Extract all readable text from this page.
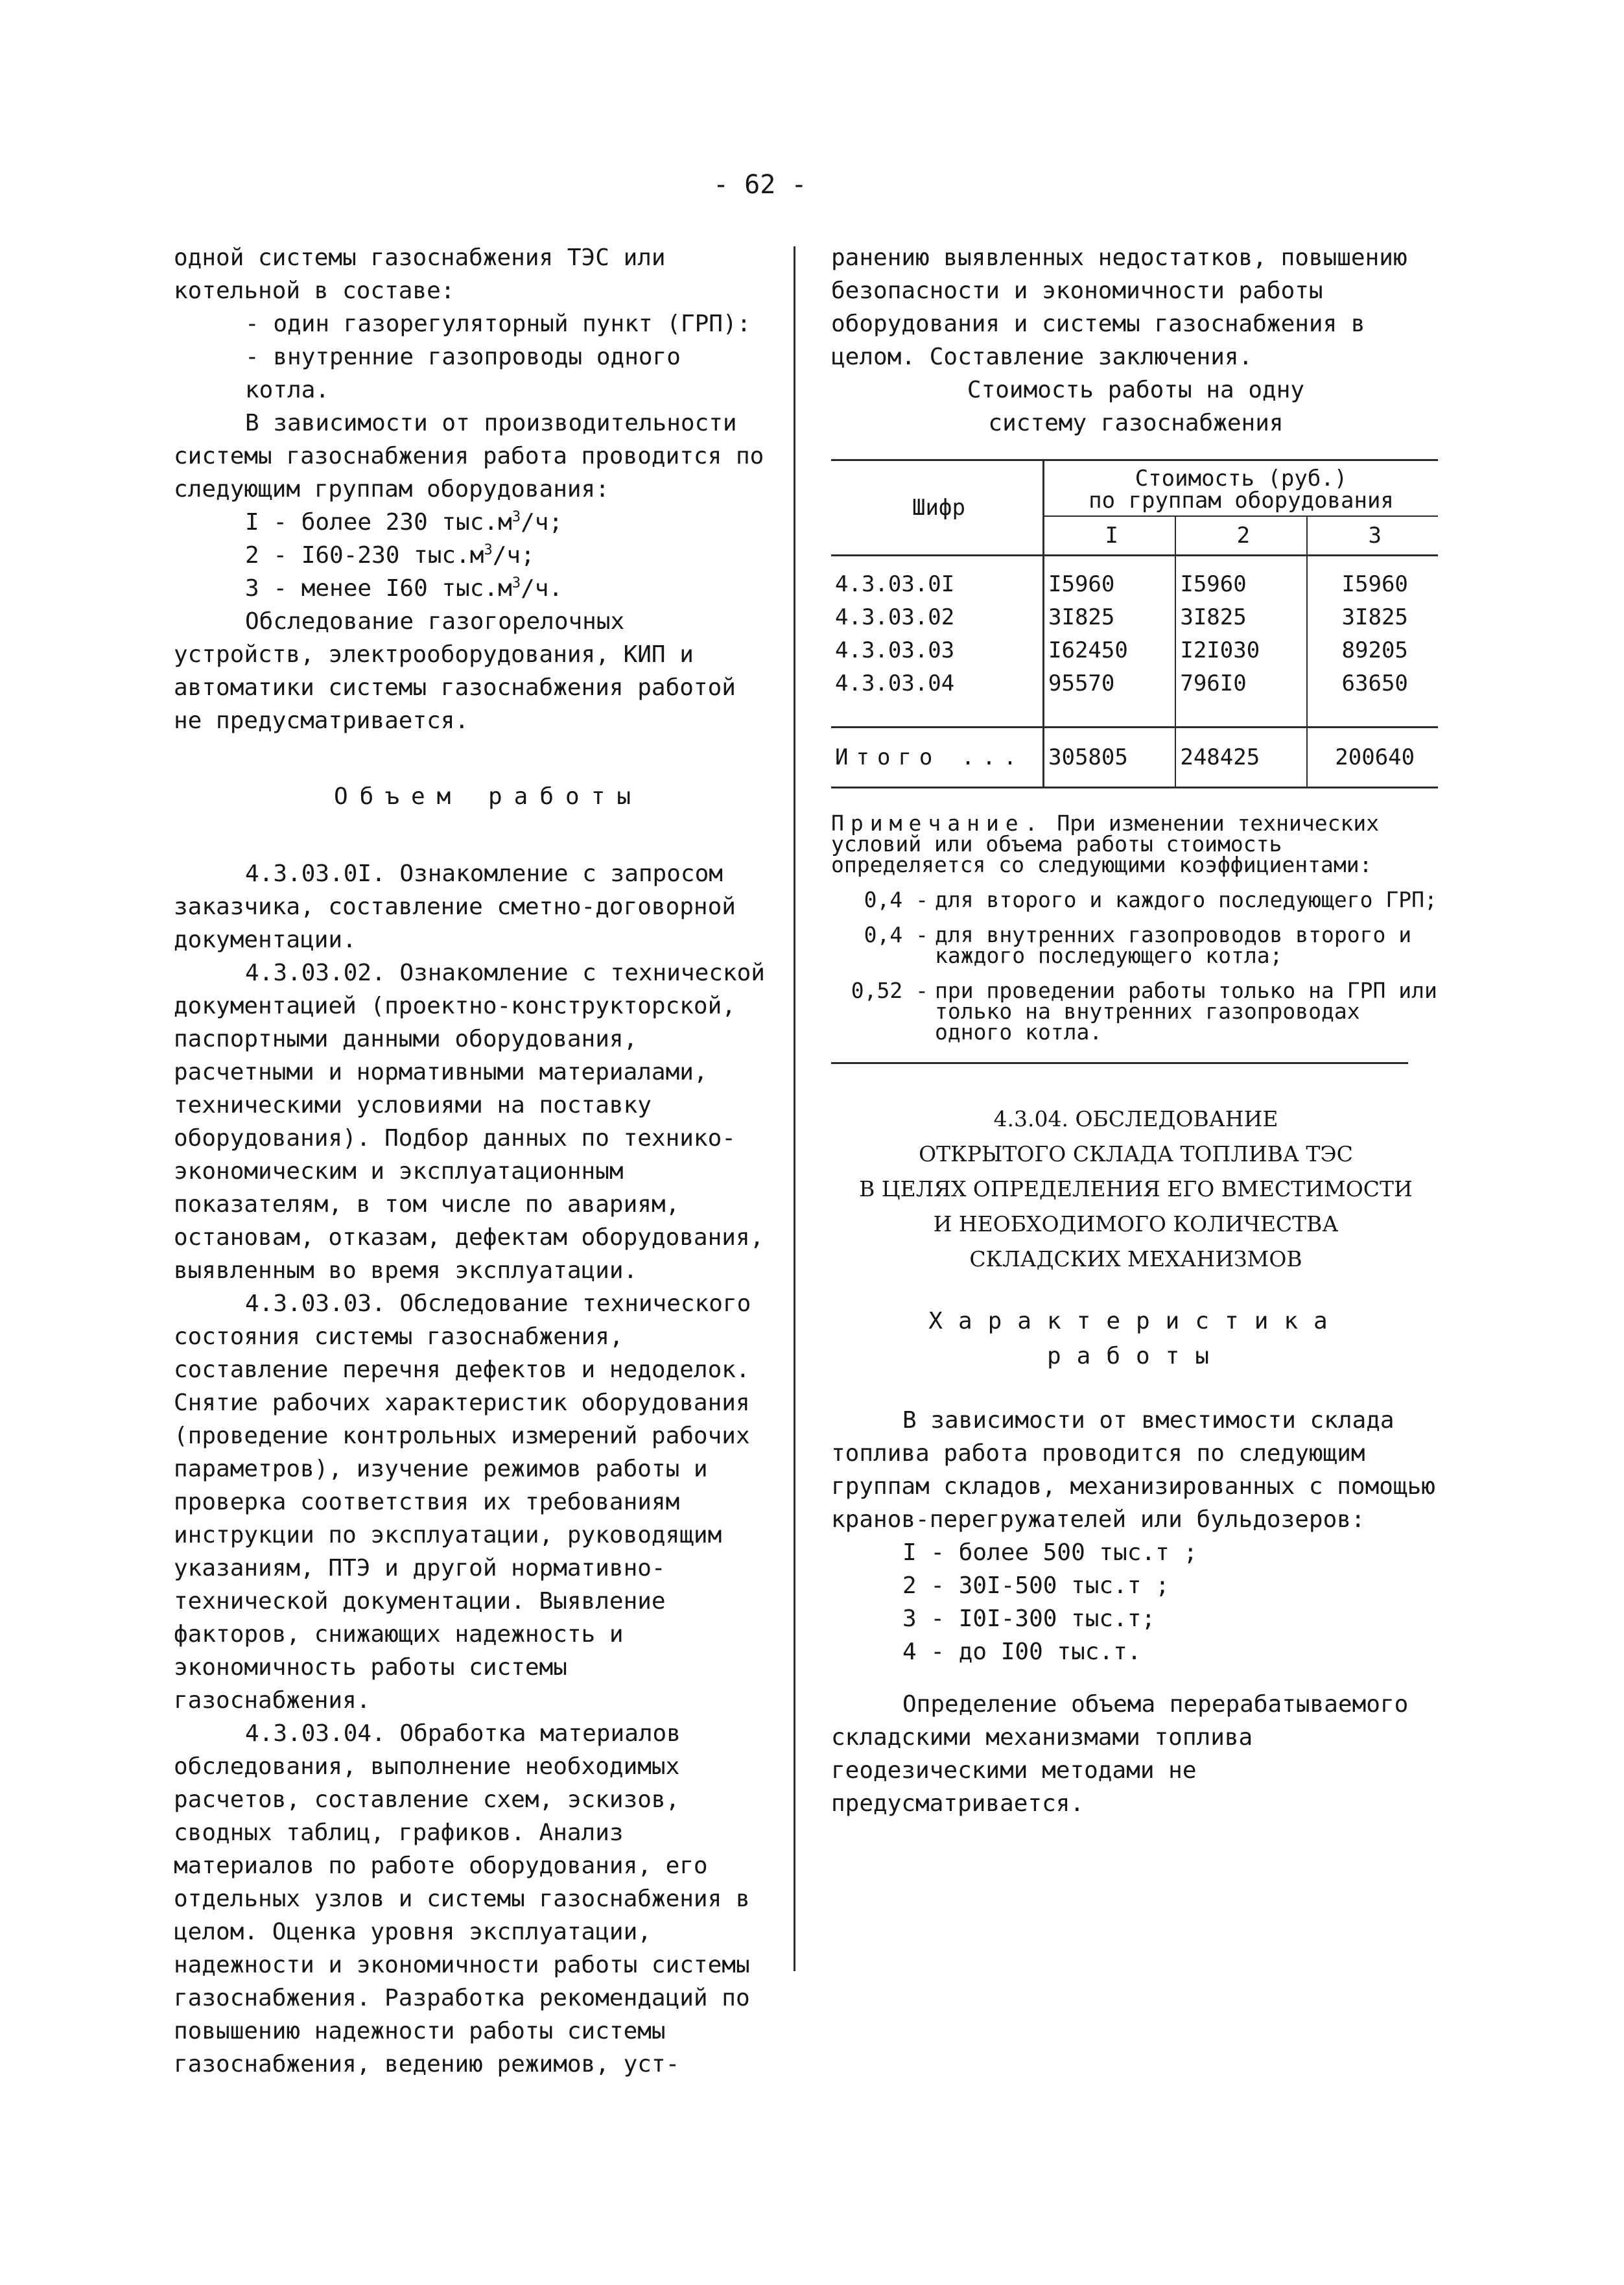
- 62 -

одной системы газоснабжения ТЭС или котельной в составе:

- один газорегуляторный пункт (ГРП):

- внутренние газопроводы одного котла.

В зависимости от производительности системы газоснабжения работа проводится по следующим группам оборудования:

I - более 230 $тыс.м^3/ч$;

2 - I60-230 $тыс.м^3/ч$;

3 - менее I60 $тыс.м^3/ч$.

Обследование газогорелочных устройств, электрооборудования, КИП и автоматики системы газоснабжения работой не предусматривается.

Объем работы

4.3.03.0I. Ознакомление с запросом заказчика, составление сметно-договорной документации.

4.3.03.02. Ознакомление с технической документацией (проектно-конструкторской, паспортными данными оборудования, расчетными и нормативными материалами, техническими условиями на поставку оборудования). Подбор данных по технико-экономическим и эксплуатационным показателям, в том числе по авариям, остановам, отказам, дефектам оборудования, выявленным во время эксплуатации.

4.3.03.03. Обследование технического состояния системы газоснабжения, составление перечня дефектов и недоделок. Снятие рабочих характеристик оборудования (проведение контрольных измерений рабочих параметров), изучение режимов работы и проверка соответствия их требованиям инструкции по эксплуатации, руководящим указаниям, ПТЭ и другой нормативно-технической документации. Выявление факторов, снижающих надежность и экономичность работы системы газоснабжения.

4.3.03.04. Обработка материалов обследования, выполнение необходимых расчетов, составление схем, эскизов, сводных таблиц, графиков. Анализ материалов по работе оборудования, его отдельных узлов и системы газоснабжения в целом. Оценка уровня эксплуатации, надежности и экономичности работы системы газоснабжения. Разработка рекомендаций по повышению надежности работы системы газоснабжения, ведению режимов, уст-

ранению выявленных недостатков, повышению безопасности и экономичности работы оборудования и системы газоснабжения в целом. Составление заключения.

Стоимость работы на одну
систему газоснабжения

Шифр	Стоимость (руб.)
по группам оборудования		
	I	2	3
4.3.03.0I	I5960	I5960	I5960
4.3.03.02	3I825	3I825	3I825
4.3.03.03	I62450	I2I030	89205
4.3.03.04	95570	796I0	63650
Итого ...	305805	248425	200640

Примечание. При изменении технических условий или объема работы стоимость определяется со следующими коэффициентами:

0,4 - для второго и каждого последующего ГРП;
0,4 - для внутренних газопроводов второго и каждого последующего котла;
0,52 - при проведении работы только на ГРП или только на внутренних газопроводах одного котла.
4.3.04. ОБСЛЕДОВАНИЕ
ОТКРЫТОГО СКЛАДА ТОПЛИВА ТЭС
В ЦЕЛЯХ ОПРЕДЕЛЕНИЯ ЕГО ВМЕСТИМОСТИ
И НЕОБХОДИМОГО КОЛИЧЕСТВА
СКЛАДСКИХ МЕХАНИЗМОВ
Характеристика
работы

В зависимости от вместимости склада топлива работа проводится по следующим группам складов, механизированных с помощью кранов-перегружателей или бульдозеров:

I - более 500 тыс.т ;

2 - 30I-500 тыс.т ;

3 - I0I-300 тыс.т;

4 - до I00 тыс.т.

Определение объема перерабатываемого складскими механизмами топлива геодезическими методами не предусматривается.
